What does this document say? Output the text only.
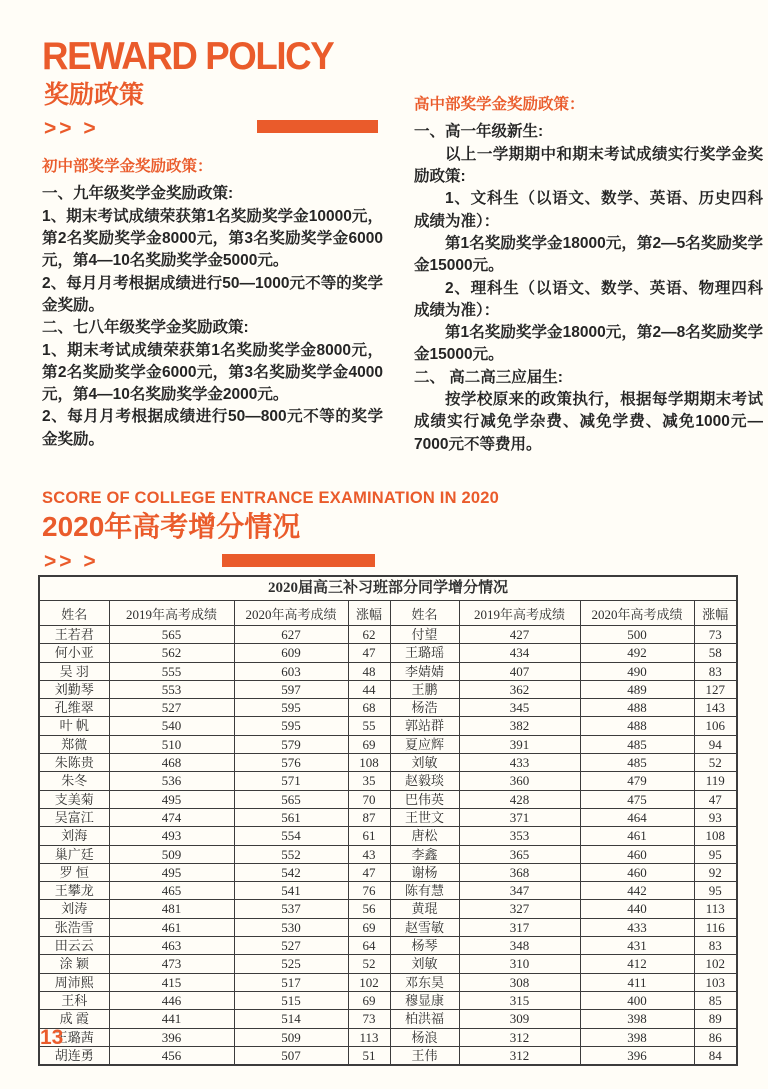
REWARD POLICY
奖励政策
>> >
初中部奖学金奖励政策：

一、九年级奖学金奖励政策:

1、期末考试成绩荣获第1名奖励奖学金10000元，第2名奖励奖学金8000元，第3名奖励奖学金6000元，第4—10名奖励奖学金5000元。

2、每月月考根据成绩进行50—1000元不等的奖学金奖励。

二、七八年级奖学金奖励政策:

1、期末考试成绩荣获第1名奖励奖学金8000元，第2名奖励奖学金6000元，第3名奖励奖学金4000元，第4—10名奖励奖学金2000元。

2、每月月考根据成绩进行50—800元不等的奖学金奖励。

高中部奖学金奖励政策：

一、高一年级新生:

以上一学期期中和期末考试成绩实行奖学金奖励政策:

1、文科生（以语文、数学、英语、历史四科成绩为准）：

第1名奖励奖学金18000元，第2—5名奖励奖学金15000元。

2、理科生（以语文、数学、英语、物理四科成绩为准）：

第1名奖励奖学金18000元，第2—8名奖励奖学金15000元。

二、 高二高三应届生:

按学校原来的政策执行，根据每学期期末考试成绩实行减免学杂费、减免学费、减免1000元—7000元不等费用。

SCORE OF COLLEGE ENTRANCE EXAMINATION IN 2020
2020年高考增分情况
>> >
2020届高三补习班部分同学增分情况							
姓名	2019年高考成绩	2020年高考成绩	涨幅	姓名	2019年高考成绩	2020年高考成绩	涨幅
王若君	565	627	62	付望	427	500	73
何小亚	562	609	47	王璐瑶	434	492	58
吴 羽	555	603	48	李婧婧	407	490	83
刘勤琴	553	597	44	王鹏	362	489	127
孔维翠	527	595	68	杨浩	345	488	143
叶 帆	540	595	55	郭站群	382	488	106
郑微	510	579	69	夏应辉	391	485	94
朱陈贵	468	576	108	刘敏	433	485	52
朱冬	536	571	35	赵毅琰	360	479	119
支美菊	495	565	70	巴伟英	428	475	47
吴富江	474	561	87	王世文	371	464	93
刘海	493	554	61	唐松	353	461	108
巢广廷	509	552	43	李鑫	365	460	95
罗 恒	495	542	47	谢杨	368	460	92
王攀龙	465	541	76	陈有慧	347	442	95
刘涛	481	537	56	黄琨	327	440	113
张浩雪	461	530	69	赵雪敏	317	433	116
田云云	463	527	64	杨琴	348	431	83
涂 颖	473	525	52	刘敏	310	412	102
周沛熙	415	517	102	邓东昊	308	411	103
王科	446	515	69	穆显康	315	400	85
成 霞	441	514	73	柏洪福	309	398	89
王璐茜	396	509	113	杨浪	312	398	86
胡连勇	456	507	51	王伟	312	396	84
13
